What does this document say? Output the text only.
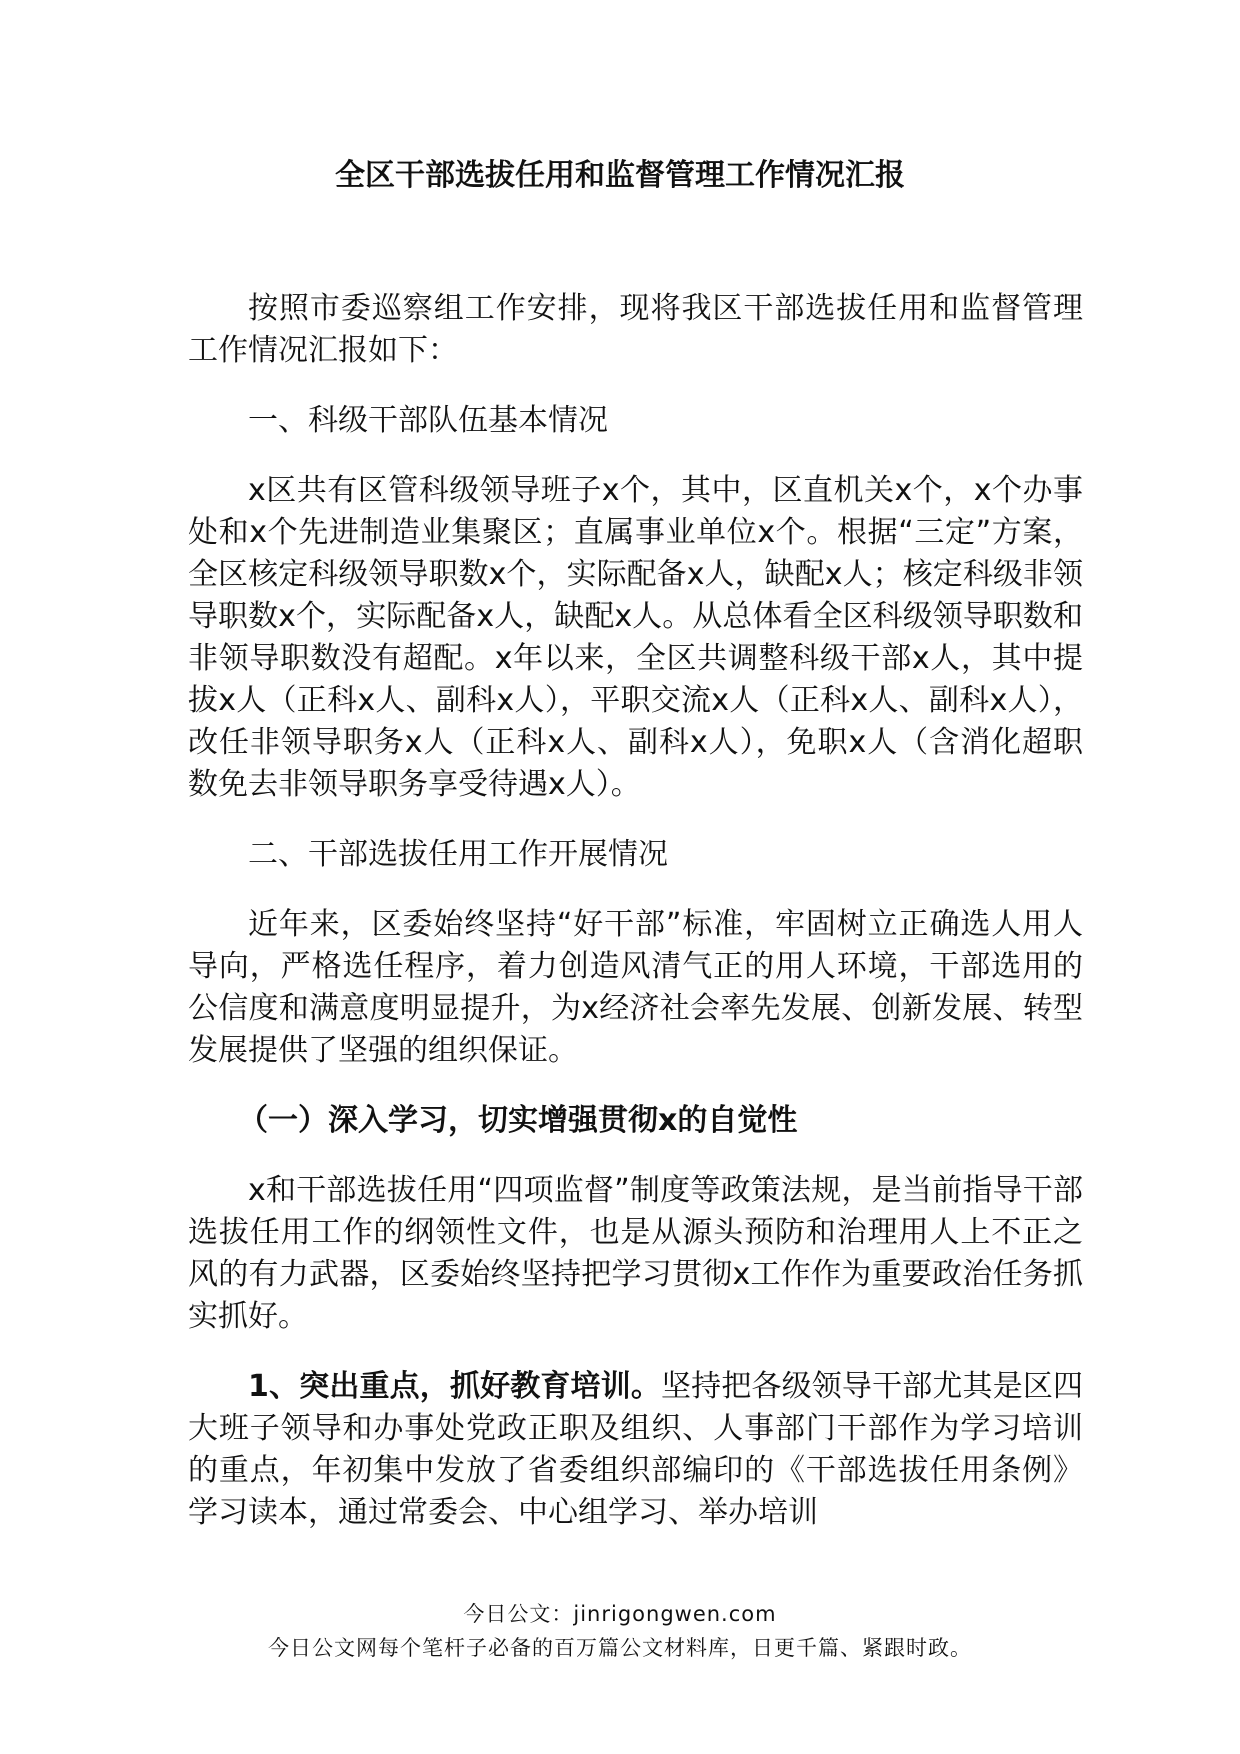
全区干部选拔任用和监督管理工作情况汇报

按照市委巡察组工作安排，现将我区干部选拔任用和监督管理工作情况汇报如下：

一、科级干部队伍基本情况

x区共有区管科级领导班子x个，其中，区直机关x个，x个办事处和x个先进制造业集聚区；直属事业单位x个。根据“三定”方案，全区核定科级领导职数x个，实际配备x人，缺配x人；核定科级非领导职数x个，实际配备x人，缺配x人。从总体看全区科级领导职数和非领导职数没有超配。x年以来，全区共调整科级干部x人，其中提拔x人（正科x人、副科x人），平职交流x人（正科x人、副科x人），改任非领导职务x人（正科x人、副科x人），免职x人（含消化超职数免去非领导职务享受待遇x人）。

二、干部选拔任用工作开展情况

近年来，区委始终坚持“好干部”标准，牢固树立正确选人用人导向，严格选任程序，着力创造风清气正的用人环境，干部选用的公信度和满意度明显提升，为x经济社会率先发展、创新发展、转型发展提供了坚强的组织保证。

（一）深入学习，切实增强贯彻x的自觉性

x和干部选拔任用“四项监督”制度等政策法规，是当前指导干部选拔任用工作的纲领性文件，也是从源头预防和治理用人上不正之风的有力武器，区委始终坚持把学习贯彻x工作作为重要政治任务抓实抓好。

1、突出重点，抓好教育培训。坚持把各级领导干部尤其是区四大班子领导和办事处党政正职及组织、人事部门干部作为学习培训的重点，年初集中发放了省委组织部编印的《干部选拔任用条例》学习读本，通过常委会、中心组学习、举办培训

今日公文：jinrigongwen.com
今日公文网每个笔杆子必备的百万篇公文材料库，日更千篇、紧跟时政。
